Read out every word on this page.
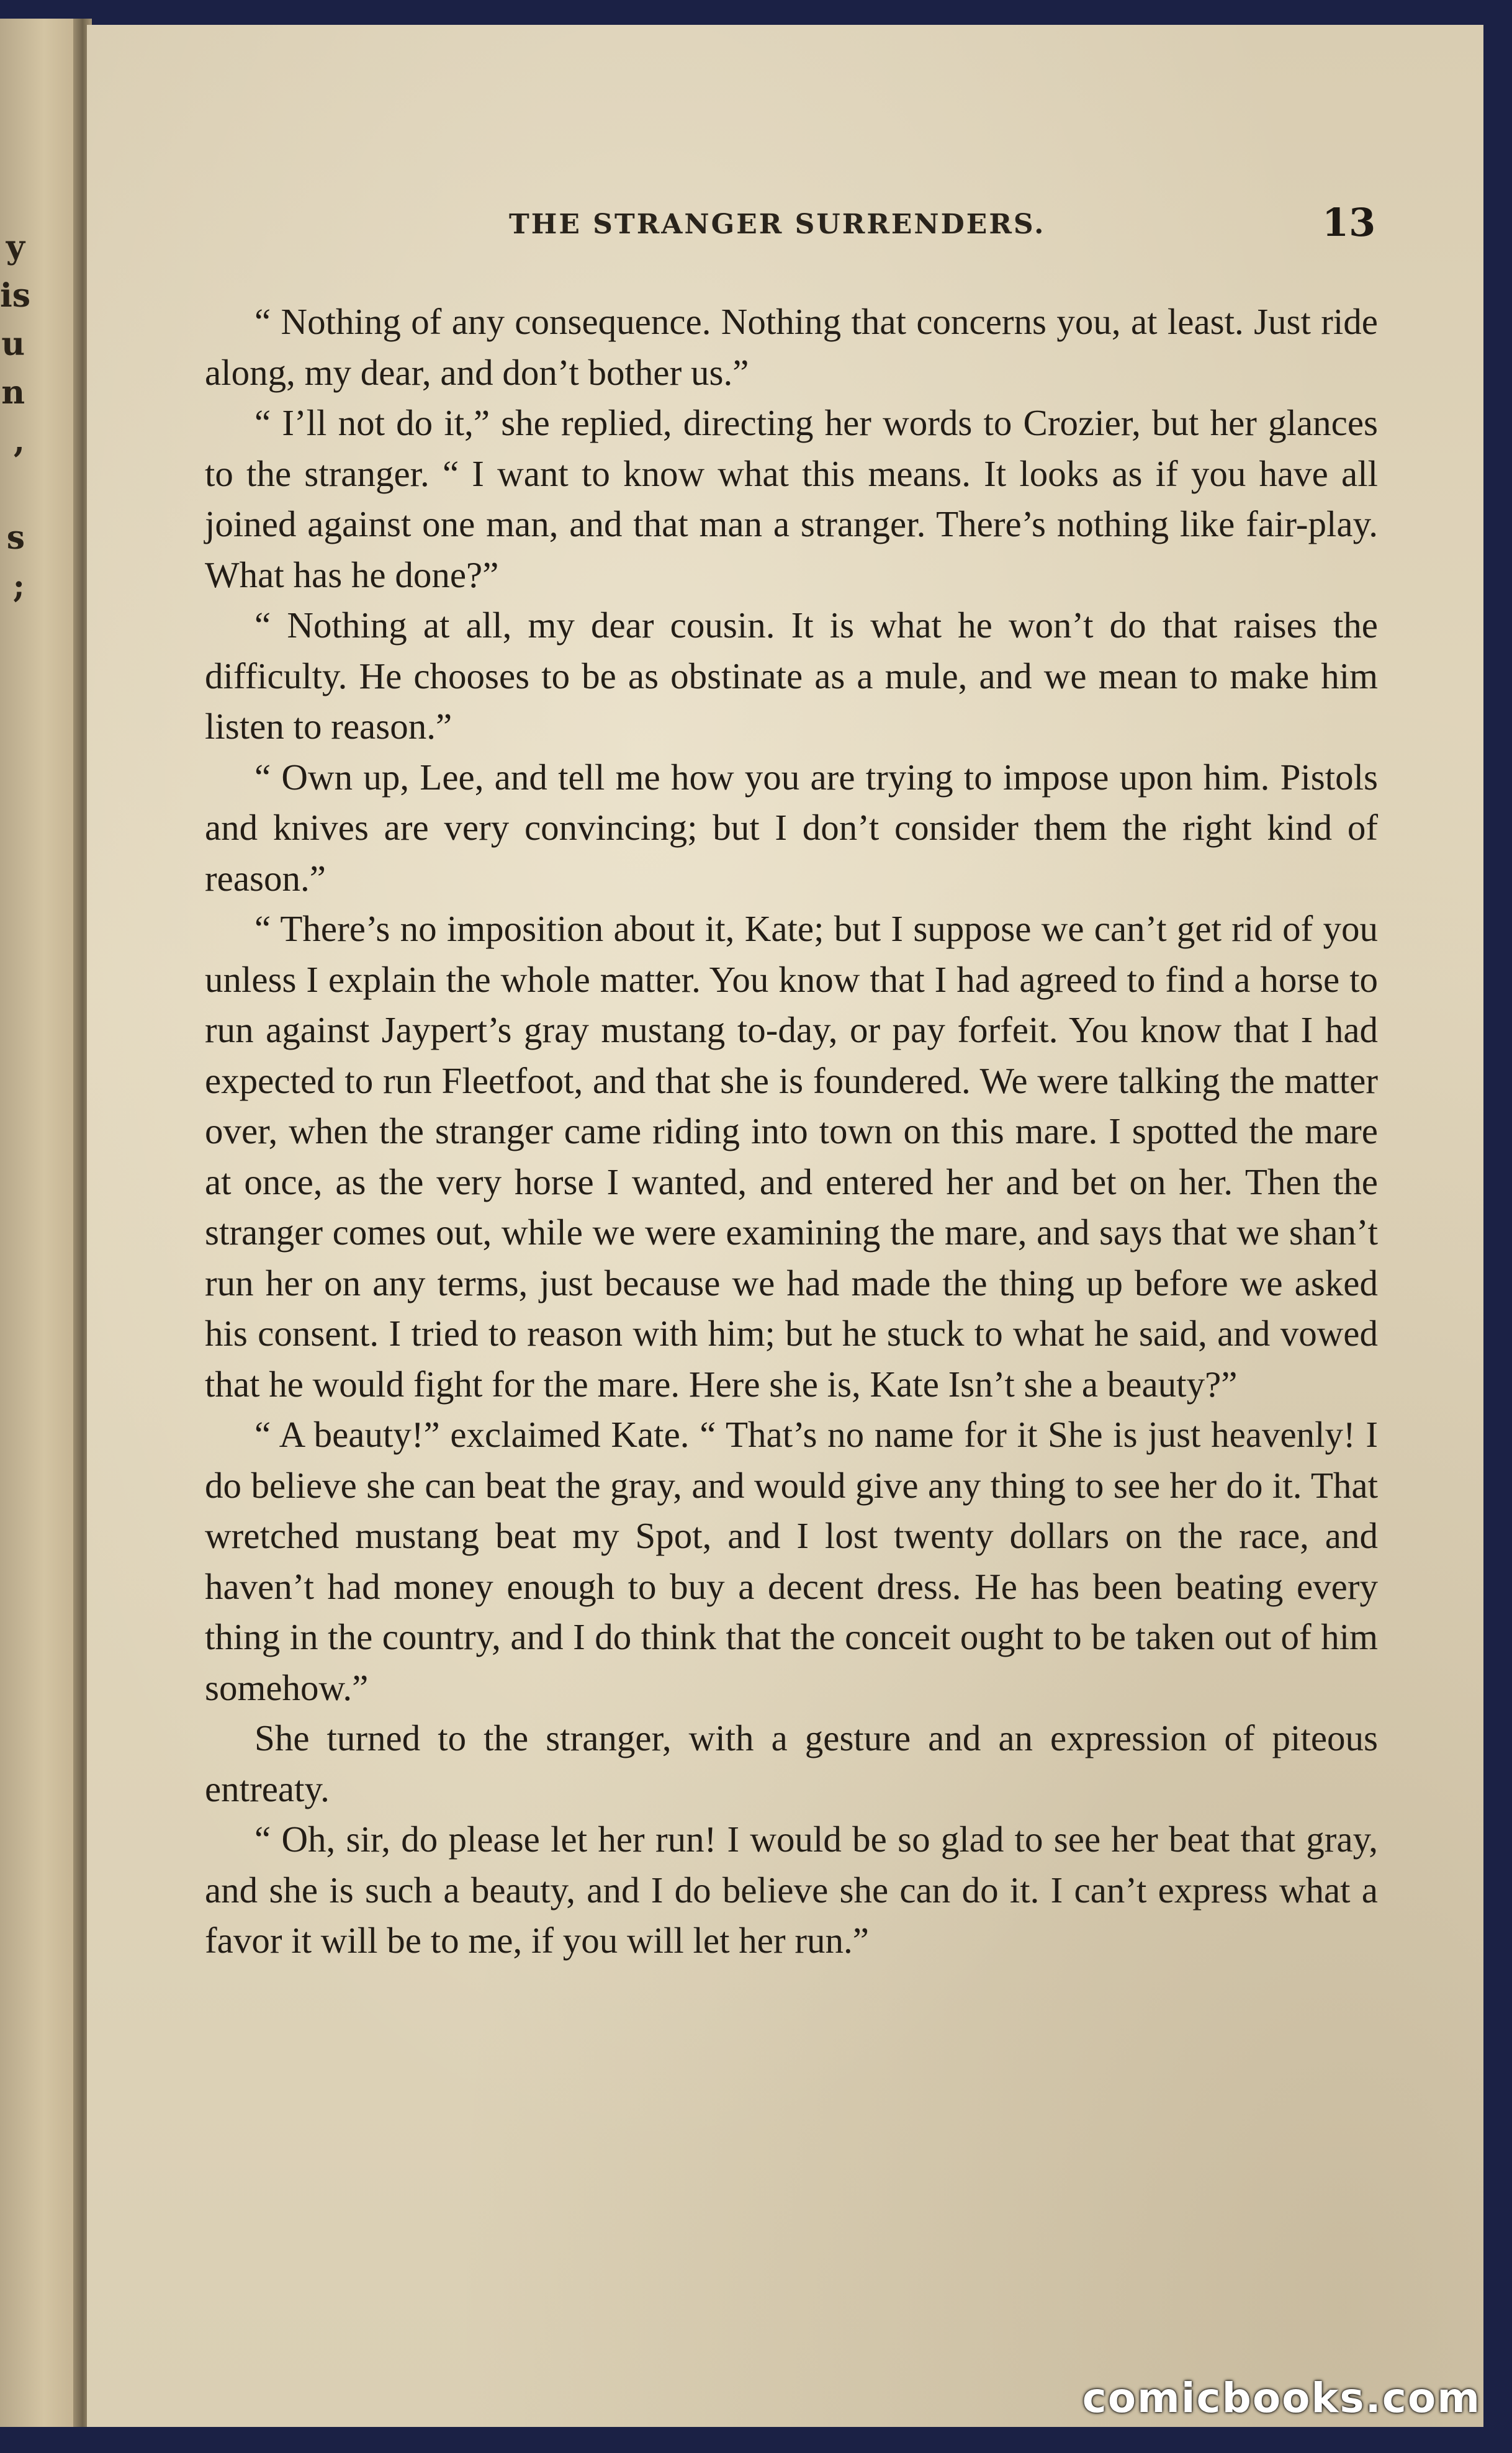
y
is
u
n
,

s
;
THE STRANGER SURRENDERS.	13

“ Nothing of any consequence. Nothing that concerns you, at least. Just ride along, my dear, and don’t bother us.”

“ I’ll not do it,” she replied, directing her words to Crozier, but her glances to the stranger. “ I want to know what this means. It looks as if you have all joined against one man, and that man a stranger. There’s nothing like fair-play. What has he done?”

“ Nothing at all, my dear cousin. It is what he won’t do that raises the difficulty. He chooses to be as obstinate as a mule, and we mean to make him listen to reason.”

“ Own up, Lee, and tell me how you are trying to impose upon him. Pistols and knives are very convincing; but I don’t consider them the right kind of reason.”

“ There’s no imposition about it, Kate; but I suppose we can’t get rid of you unless I explain the whole matter. You know that I had agreed to find a horse to run against Jaypert’s gray mustang to-day, or pay forfeit. You know that I had expected to run Fleetfoot, and that she is foundered. We were talking the matter over, when the stranger came riding into town on this mare. I spotted the mare at once, as the very horse I wanted, and entered her and bet on her. Then the stranger comes out, while we were examining the mare, and says that we shan’t run her on any terms, just because we had made the thing up before we asked his consent. I tried to reason with him; but he stuck to what he said, and vowed that he would fight for the mare. Here she is, Kate Isn’t she a beauty?”

“ A beauty!” exclaimed Kate. “ That’s no name for it She is just heavenly! I do believe she can beat the gray, and would give any thing to see her do it. That wretched mustang beat my Spot, and I lost twenty dollars on the race, and haven’t had money enough to buy a decent dress. He has been beating every thing in the country, and I do think that the conceit ought to be taken out of him somehow.”

She turned to the stranger, with a gesture and an expression of piteous entreaty.

“ Oh, sir, do please let her run! I would be so glad to see her beat that gray, and she is such a beauty, and I do believe she can do it. I can’t express what a favor it will be to me, if you will let her run.”

comicbooks.com
